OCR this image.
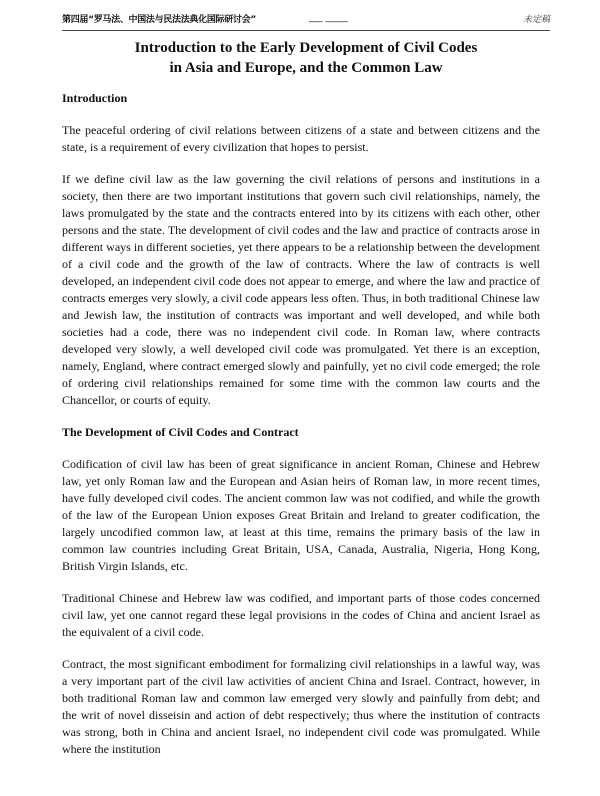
第四届“罗马法、中国法与民法法典化国际研讨会”	___ _____	未定稿
Introduction to the Early Development of Civil Codes
in Asia and Europe, and the Common Law
Introduction

The peaceful ordering of civil relations between citizens of a state and between citizens and the state, is a requirement of every civilization that hopes to persist.

If we define civil law as the law governing the civil relations of persons and institutions in a society, then there are two important institutions that govern such civil relationships, namely, the laws promulgated by the state and the contracts entered into by its citizens with each other, other persons and the state. The development of civil codes and the law and practice of contracts arose in different ways in different societies, yet there appears to be a relationship between the development of a civil code and the growth of the law of contracts. Where the law of contracts is well developed, an independent civil code does not appear to emerge, and where the law and practice of contracts emerges very slowly, a civil code appears less often. Thus, in both traditional Chinese law and Jewish law, the institution of contracts was important and well developed, and while both societies had a code, there was no independent civil code. In Roman law, where contracts developed very slowly, a well developed civil code was promulgated. Yet there is an exception, namely, England, where contract emerged slowly and painfully, yet no civil code emerged; the role of ordering civil relationships remained for some time with the common law courts and the Chancellor, or courts of equity.

The Development of Civil Codes and Contract

Codification of civil law has been of great significance in ancient Roman, Chinese and Hebrew law, yet only Roman law and the European and Asian heirs of Roman law, in more recent times, have fully developed civil codes. The ancient common law was not codified, and while the growth of the law of the European Union exposes Great Britain and Ireland to greater codification, the largely uncodified common law, at least at this time, remains the primary basis of the law in common law countries including Great Britain, USA, Canada, Australia, Nigeria, Hong Kong, British Virgin Islands, etc.

Traditional Chinese and Hebrew law was codified, and important parts of those codes concerned civil law, yet one cannot regard these legal provisions in the codes of China and ancient Israel as the equivalent of a civil code.

Contract, the most significant embodiment for formalizing civil relationships in a lawful way, was a very important part of the civil law activities of ancient China and Israel. Contract, however, in both traditional Roman law and common law emerged very slowly and painfully from debt; and the writ of novel disseisin and action of debt respectively; thus where the institution of contracts was strong, both in China and ancient Israel, no independent civil code was promulgated. While where the institution
